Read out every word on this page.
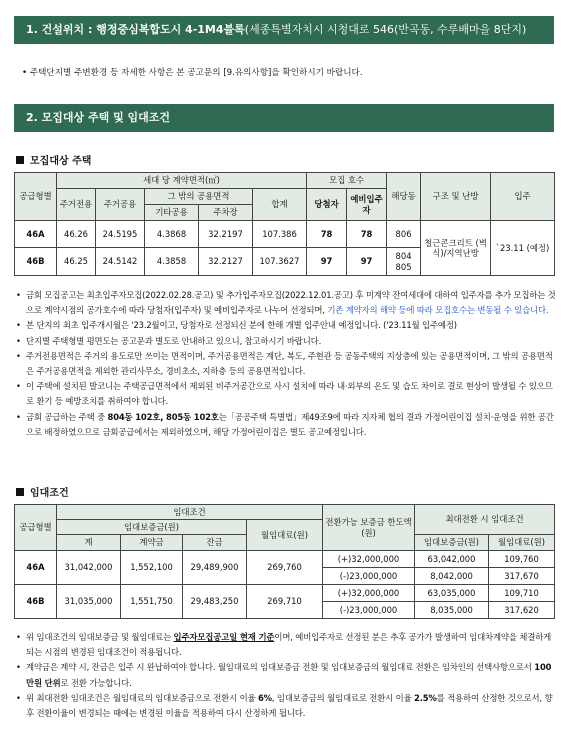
1. 건설위치 : 행정중심복합도시 4-1M4블록(세종특별자치시 시청대로 546(반곡동, 수루배마을 8단지)
• 주택단지별 주변환경 등 자세한 사항은 본 공고문의 [9.유의사항]을 확인하시기 바랍니다.
2. 모집대상 주택 및 임대조건
모집대상 주택
공급형별	세대 당 계약면적(㎡)					모집 호수		해당동	구조 및 난방	입주
	주거전용	주거공용	그 밖의 공용면적		합계	당첨자	예비입주자			
			기타공용	주차장						
46A	46.26	24.5195	4.3868	32.2197	107.386	78	78	806	철근콘크리트 (벽식)/지역난방	`23.11 (예정)
46B	46.25	24.5142	4.3858	32.2127	107.3627	97	97	804
805		
• 금회 모집공고는 최초입주자모집(2022.02.28.공고) 및 추가입주자모집(2022.12.01.공고) 후 미계약 잔여세대에 대하여 입주자를 추가 모집하는 것으로 계약시점의 공가호수에 따라 당첨자(입주자) 및 예비입주자로 나누어 선정되며, 기존 계약자의 해약 등에 따라 모집호수는 변동될 수 있습니다.
• 본 단지의 최초 입주개시월은 '23.2월이고, 당첨자로 선정되신 분에 한해 개별 입주안내 예정입니다. ('23.11월 입주예정)
• 단지별 주택형별 평면도는 공고문과 별도로 안내하고 있으니, 참고하시기 바랍니다.
• 주거전용면적은 주거의 용도로만 쓰이는 면적이며, 주거공용면적은 계단, 복도, 주현관 등 공동주택의 지상층에 있는 공용면적이며, 그 밖의 공용면적은 주거공용면적을 제외한 관리사무소, 경비초소, 지하층 등의 공용면적입니다.
• 이 주택에 설치된 발코니는 주택공급면적에서 제외된 비주거공간으로 사시 설치에 따라 내·외부의 온도 및 습도 차이로 결로 현상이 발생될 수 있으므로 환기 등 예방조치를 취하여야 합니다.
• 금회 공급하는 주택 중 804동 102호, 805동 102호는「공공주택 특별법」제49조9에 따라 지자체 협의 결과 가정어린이집 설치·운영을 위한 공간으로 배정하였으므로 금회공급에서는 제외하였으며, 해당 가정어린이집은 별도 공고예정입니다.
임대조건
공급형별	임대조건				전환가능 보증금 한도액(원)	최대전환 시 임대조건	
	임대보증금(원)			월임대료(원)			
	계	계약금	잔금			임대보증금(원)	월임대료(원)
46A	31,042,000	1,552,100	29,489,900	269,760	(+)32,000,000	63,042,000	109,760
					(-)23,000,000	8,042,000	317,670
46B	31,035,000	1,551,750	29,483,250	269,710	(+)32,000,000	63,035,000	109,710
					(-)23,000,000	8,035,000	317,620
• 위 임대조건의 임대보증금 및 월임대료는 입주자모집공고일 현재 기준이며, 예비입주자로 선정된 분은 추후 공가가 발생하여 임대차계약을 체결하게 되는 시점의 변경된 임대조건이 적용됩니다.
• 계약금은 계약 시, 잔금은 입주 시 완납하여야 합니다. 월임대료의 임대보증금 전환 및 임대보증금의 월임대료 전환은 임차인의 선택사항으로서 100만원 단위로 전환 가능합니다.
• 위 최대전환 임대조건은 월임대료의 임대보증금으로 전환시 이율 6%, 임대보증금의 월임대료로 전환시 이율 2.5%를 적용하여 산정한 것으로서, 향후 전환이율이 변경되는 때에는 변경된 이율을 적용하여 다시 산정하게 됩니다.
